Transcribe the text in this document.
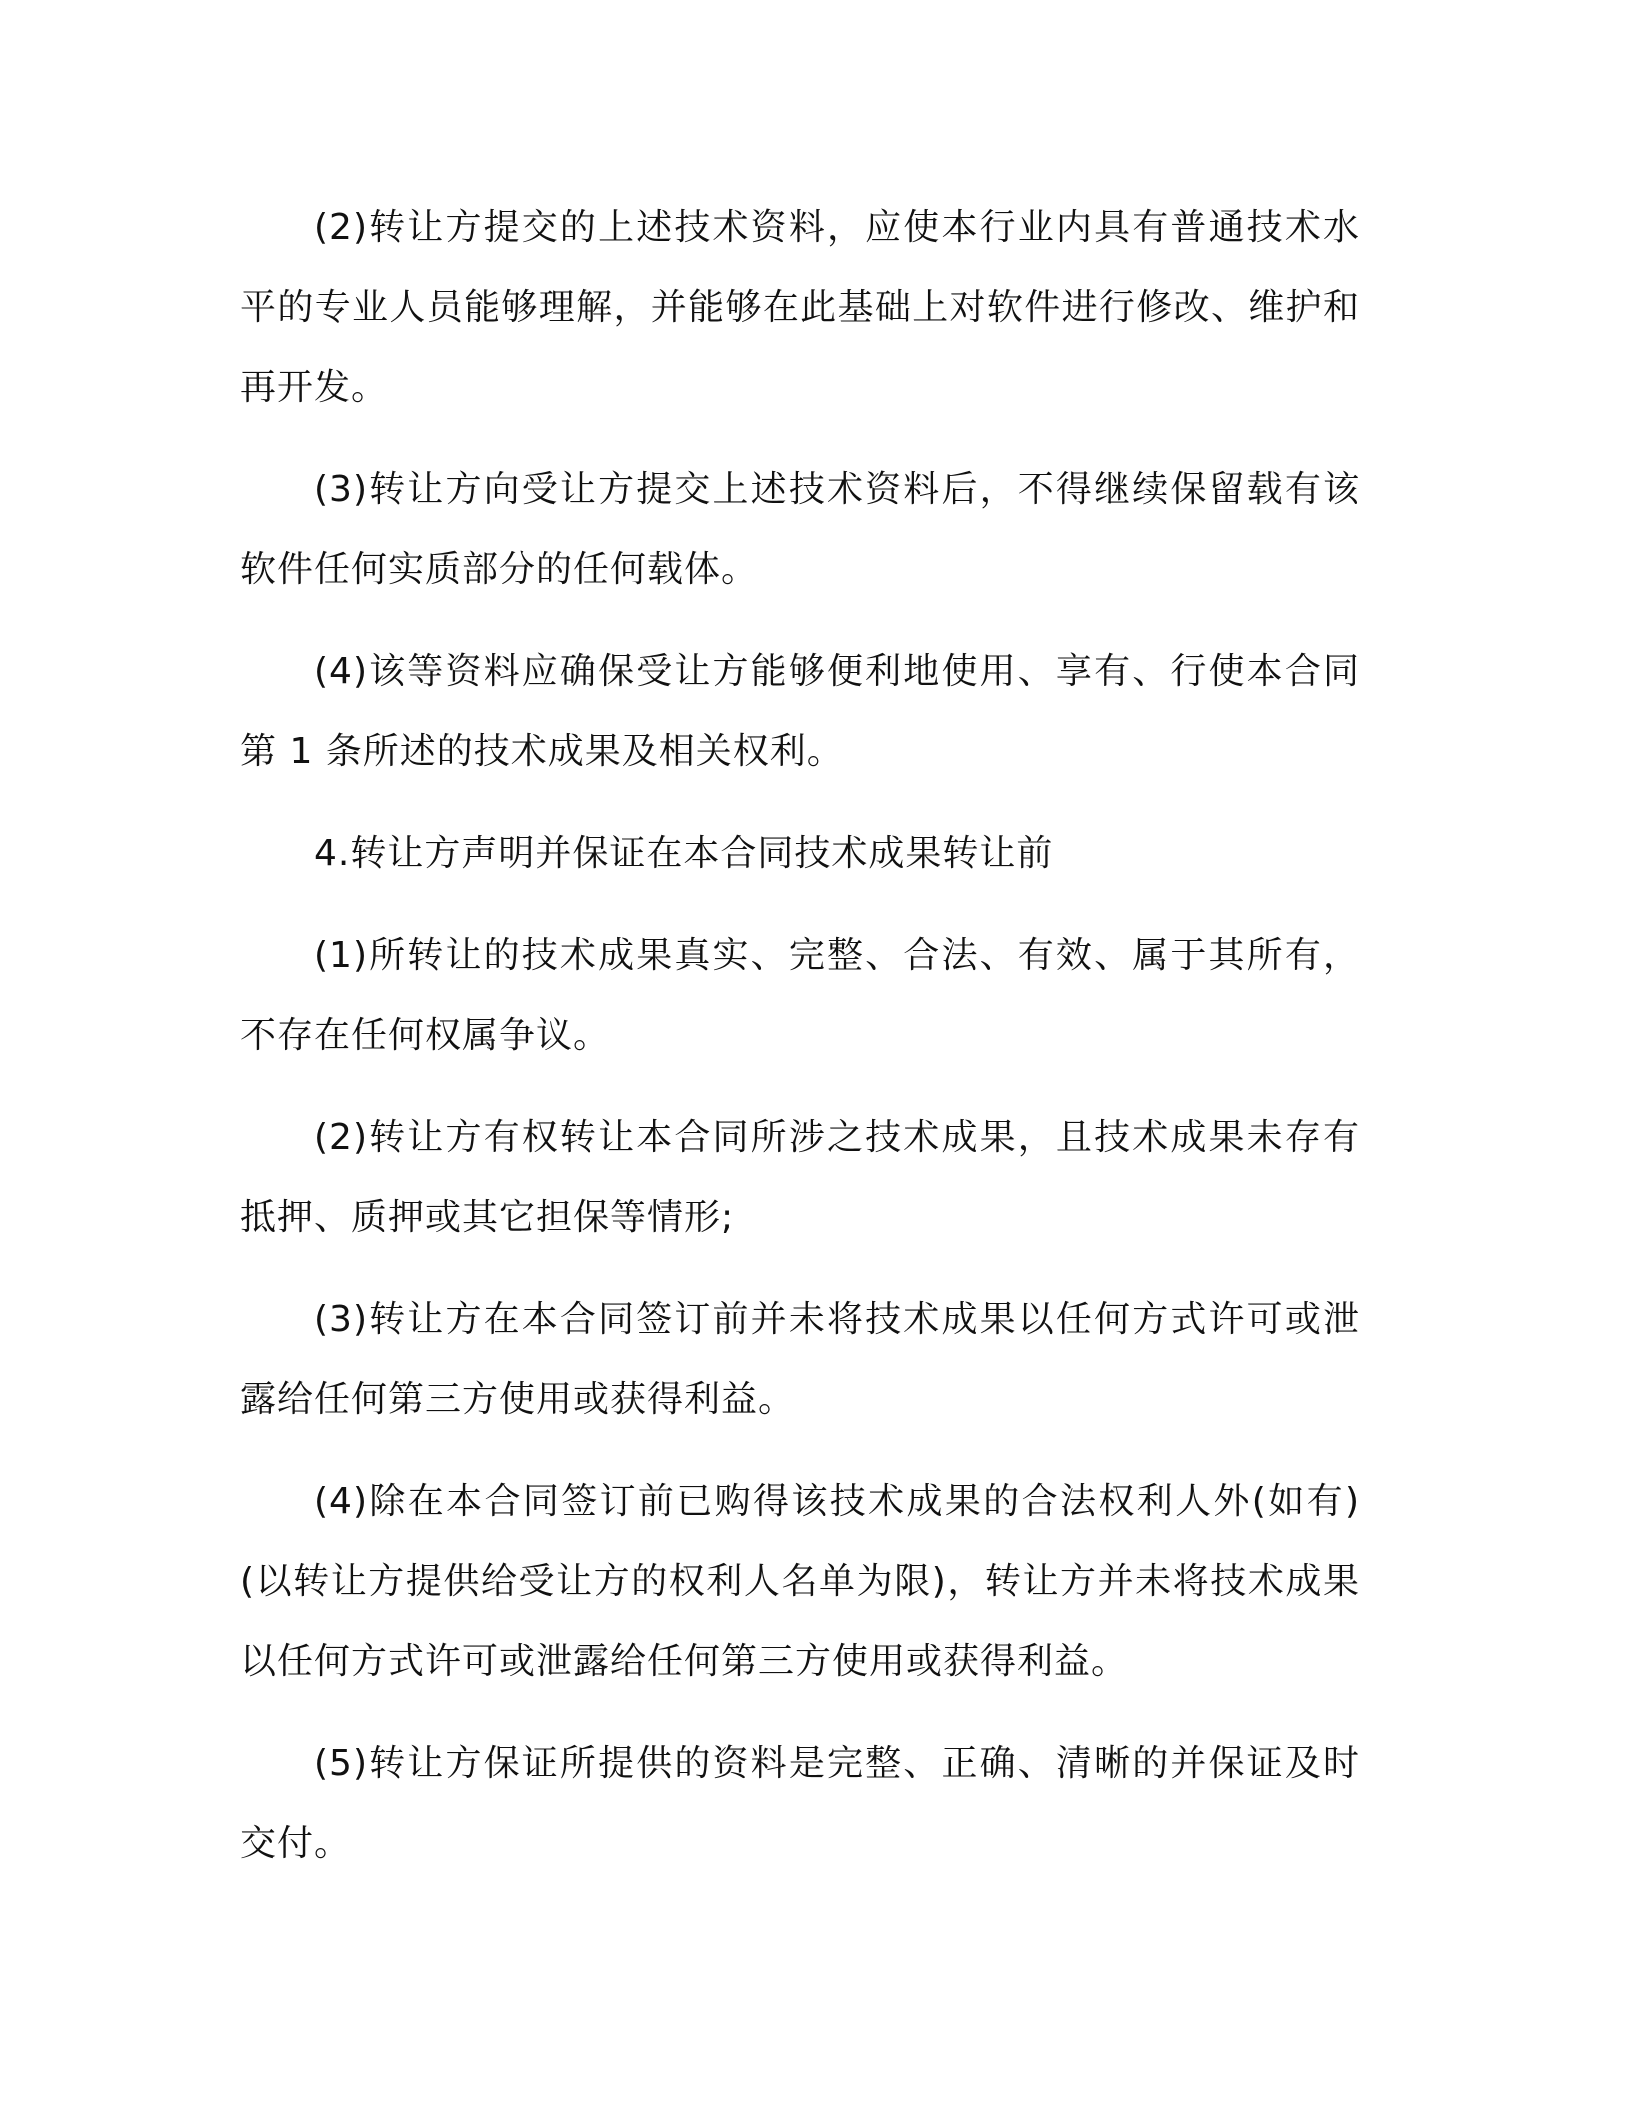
(2)转让方提交的上述技术资料，应使本行业内具有普通技术水平的专业人员能够理解，并能够在此基础上对软件进行修改、维护和再开发。

(3)转让方向受让方提交上述技术资料后，不得继续保留载有该软件任何实质部分的任何载体。

(4)该等资料应确保受让方能够便利地使用、享有、行使本合同第 1 条所述的技术成果及相关权利。

4.转让方声明并保证在本合同技术成果转让前

(1)所转让的技术成果真实、完整、合法、有效、属于其所有，不存在任何权属争议。

(2)转让方有权转让本合同所涉之技术成果，且技术成果未存有抵押、质押或其它担保等情形;

(3)转让方在本合同签订前并未将技术成果以任何方式许可或泄露给任何第三方使用或获得利益。

(4)除在本合同签订前已购得该技术成果的合法权利人外(如有)(以转让方提供给受让方的权利人名单为限)，转让方并未将技术成果以任何方式许可或泄露给任何第三方使用或获得利益。

(5)转让方保证所提供的资料是完整、正确、清晰的并保证及时交付。
